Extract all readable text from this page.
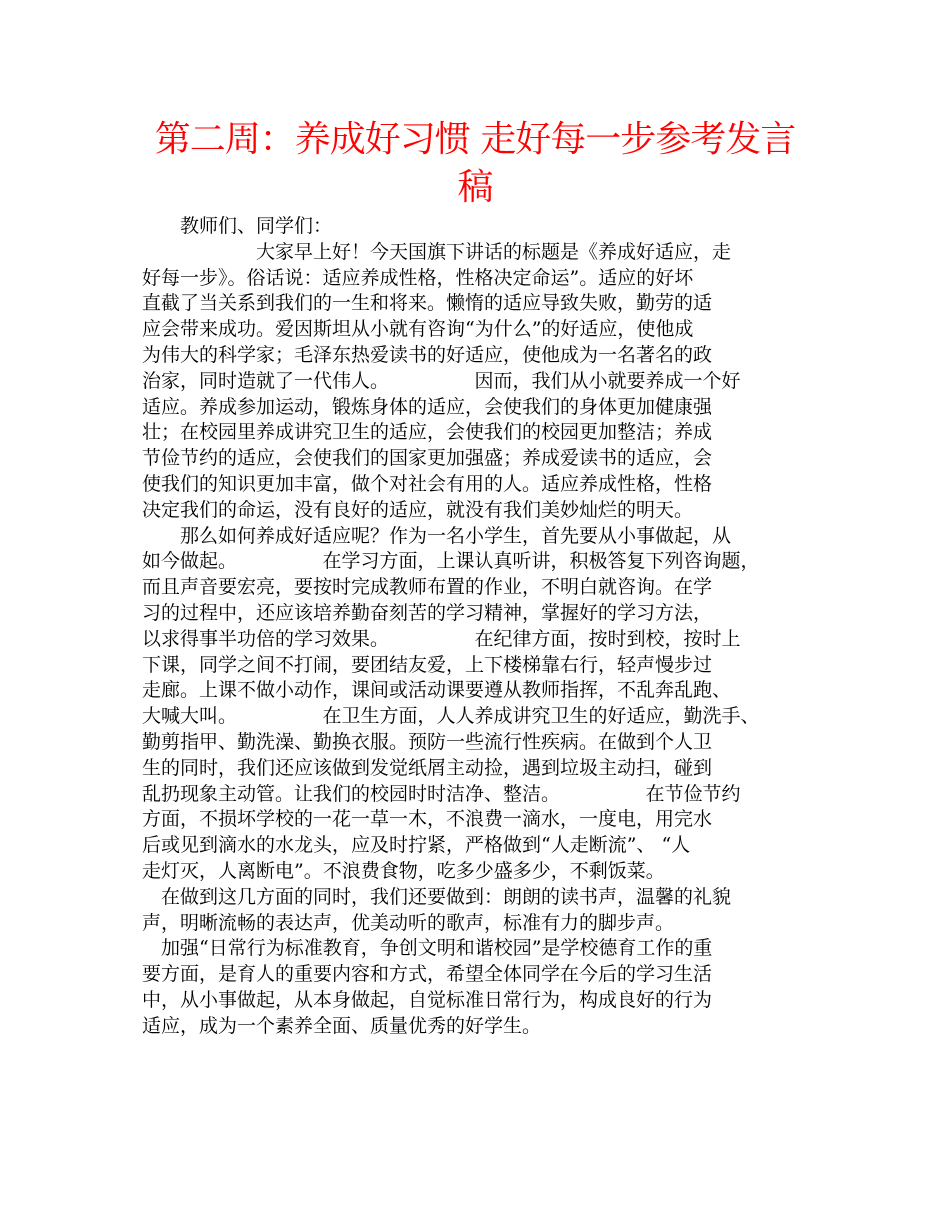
第二周：养成好习惯 走好每一步参考发言
稿
　　教师们、同学们：
　　　　　　大家早上好！今天国旗下讲话的标题是《养成好适应，走
好每一步》。俗话说：适应养成性格，性格决定命运”。适应的好坏
直截了当关系到我们的一生和将来。懒惰的适应导致失败，勤劳的适
应会带来成功。爱因斯坦从小就有咨询“为什么”的好适应，使他成
为伟大的科学家；毛泽东热爱读书的好适应，使他成为一名著名的政
治家，同时造就了一代伟人。　　　　　因而，我们从小就要养成一个好
适应。养成参加运动，锻炼身体的适应，会使我们的身体更加健康强
壮；在校园里养成讲究卫生的适应，会使我们的校园更加整洁；养成
节俭节约的适应，会使我们的国家更加强盛；养成爱读书的适应，会
使我们的知识更加丰富，做个对社会有用的人。适应养成性格，性格
决定我们的命运，没有良好的适应，就没有我们美妙灿烂的明天。
　　那么如何养成好适应呢？作为一名小学生，首先要从小事做起，从
如今做起。　　　　　在学习方面，上课认真听讲，积极答复下列咨询题，
而且声音要宏亮，要按时完成教师布置的作业，不明白就咨询。在学
习的过程中，还应该培养勤奋刻苦的学习精神，掌握好的学习方法，
以求得事半功倍的学习效果。　　　　　在纪律方面，按时到校，按时上
下课，同学之间不打闹，要团结友爱，上下楼梯靠右行，轻声慢步过
走廊。上课不做小动作，课间或活动课要遵从教师指挥，不乱奔乱跑、
大喊大叫。　　　　　在卫生方面，人人养成讲究卫生的好适应，勤洗手、
勤剪指甲、勤洗澡、勤换衣服。预防一些流行性疾病。在做到个人卫
生的同时，我们还应该做到发觉纸屑主动捡，遇到垃圾主动扫，碰到
乱扔现象主动管。让我们的校园时时洁净、整洁。　　　　　在节俭节约
方面，不损坏学校的一花一草一木，不浪费一滴水，一度电，用完水
后或见到滴水的水龙头，应及时拧紧，严格做到“人走断流”、 “人
走灯灭，人离断电”。不浪费食物，吃多少盛多少，不剩饭菜。
　在做到这几方面的同时，我们还要做到：朗朗的读书声，温馨的礼貌
声，明晰流畅的表达声，优美动听的歌声，标准有力的脚步声。
　加强“日常行为标准教育，争创文明和谐校园”是学校德育工作的重
要方面，是育人的重要内容和方式，希望全体同学在今后的学习生活
中，从小事做起，从本身做起，自觉标准日常行为，构成良好的行为
适应，成为一个素养全面、质量优秀的好学生。
